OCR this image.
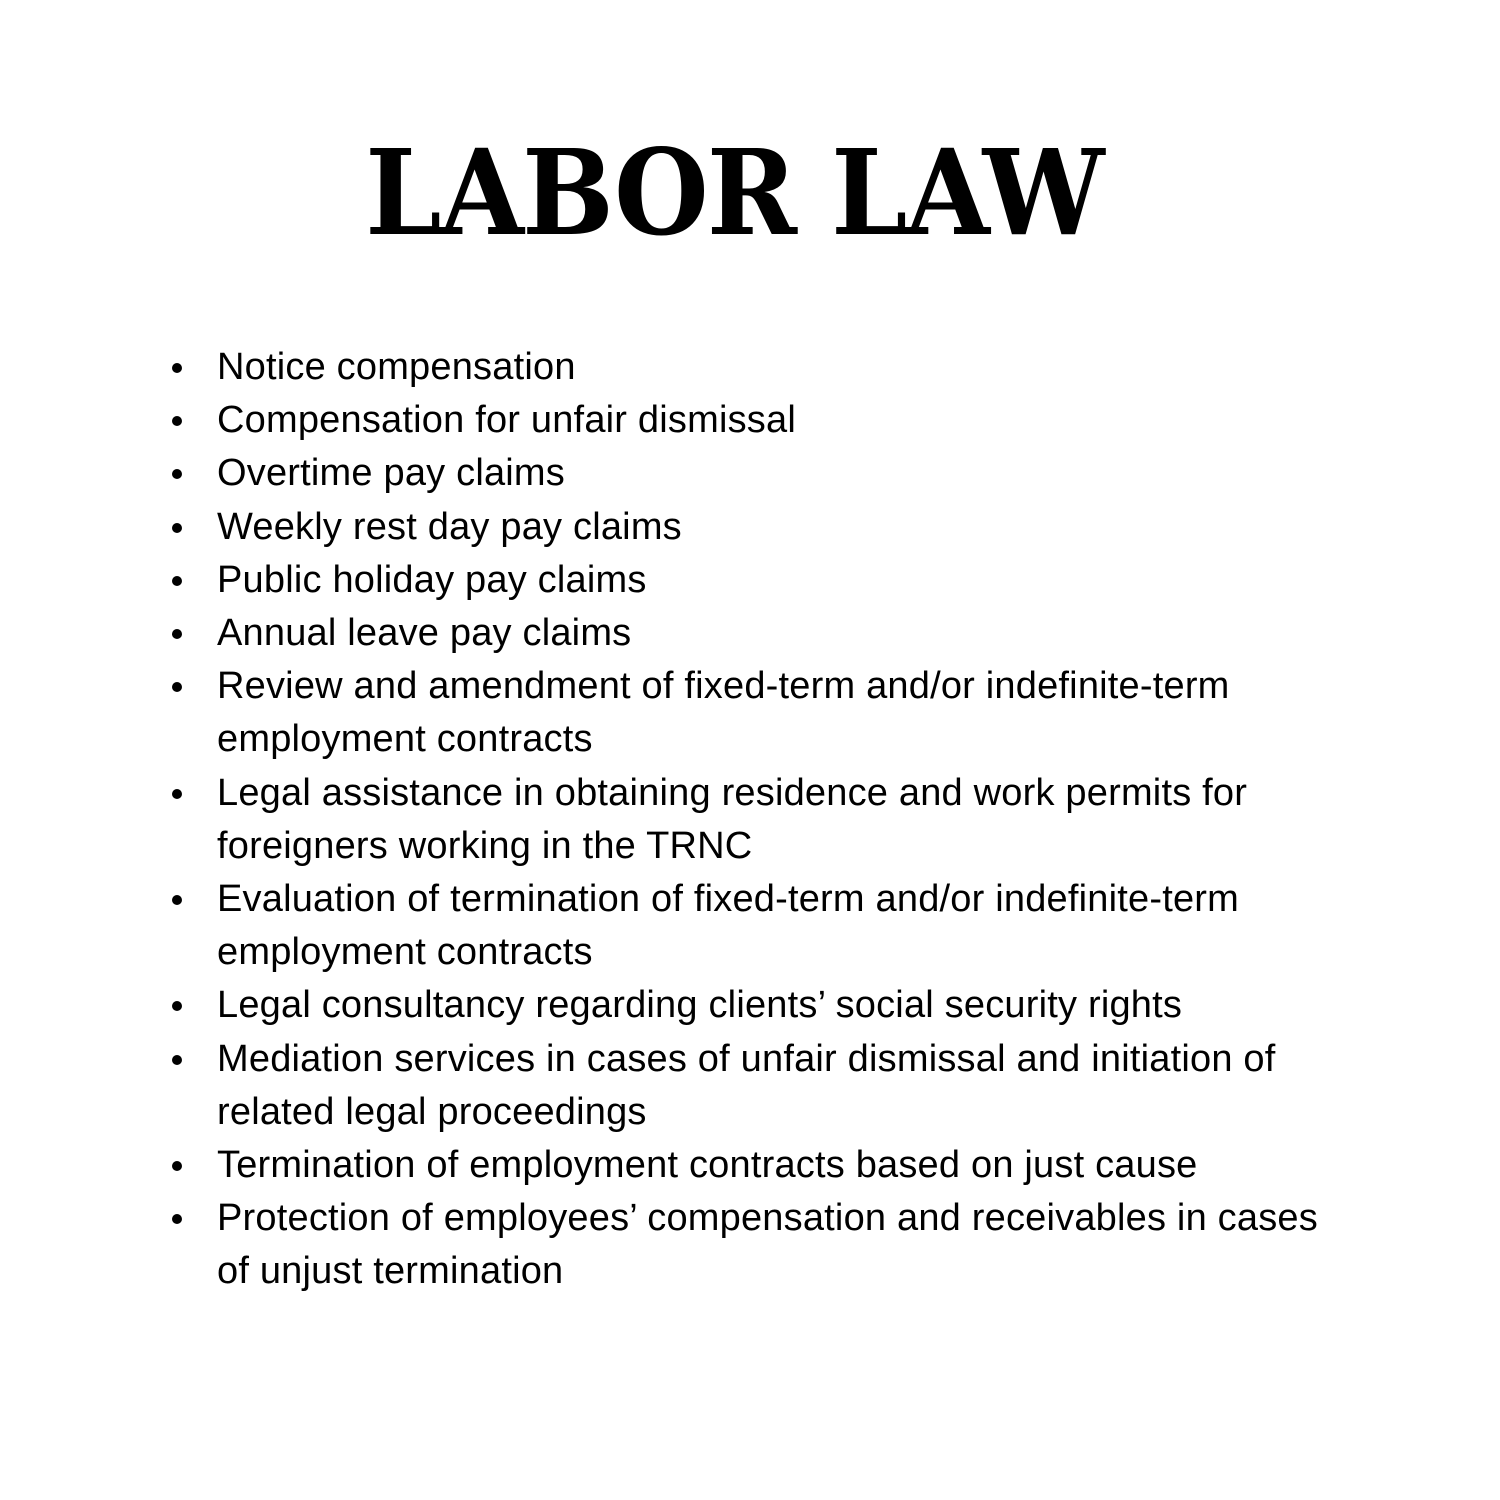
LABOR LAW
Notice compensation
Compensation for unfair dismissal
Overtime pay claims
Weekly rest day pay claims
Public holiday pay claims
Annual leave pay claims
Review and amendment of fixed-term and/or indefinite-term employment contracts
Legal assistance in obtaining residence and work permits for foreigners working in the TRNC
Evaluation of termination of fixed-term and/or indefinite-term employment contracts
Legal consultancy regarding clients’ social security rights
Mediation services in cases of unfair dismissal and initiation of related legal proceedings
Termination of employment contracts based on just cause
Protection of employees’ compensation and receivables in cases of unjust termination
